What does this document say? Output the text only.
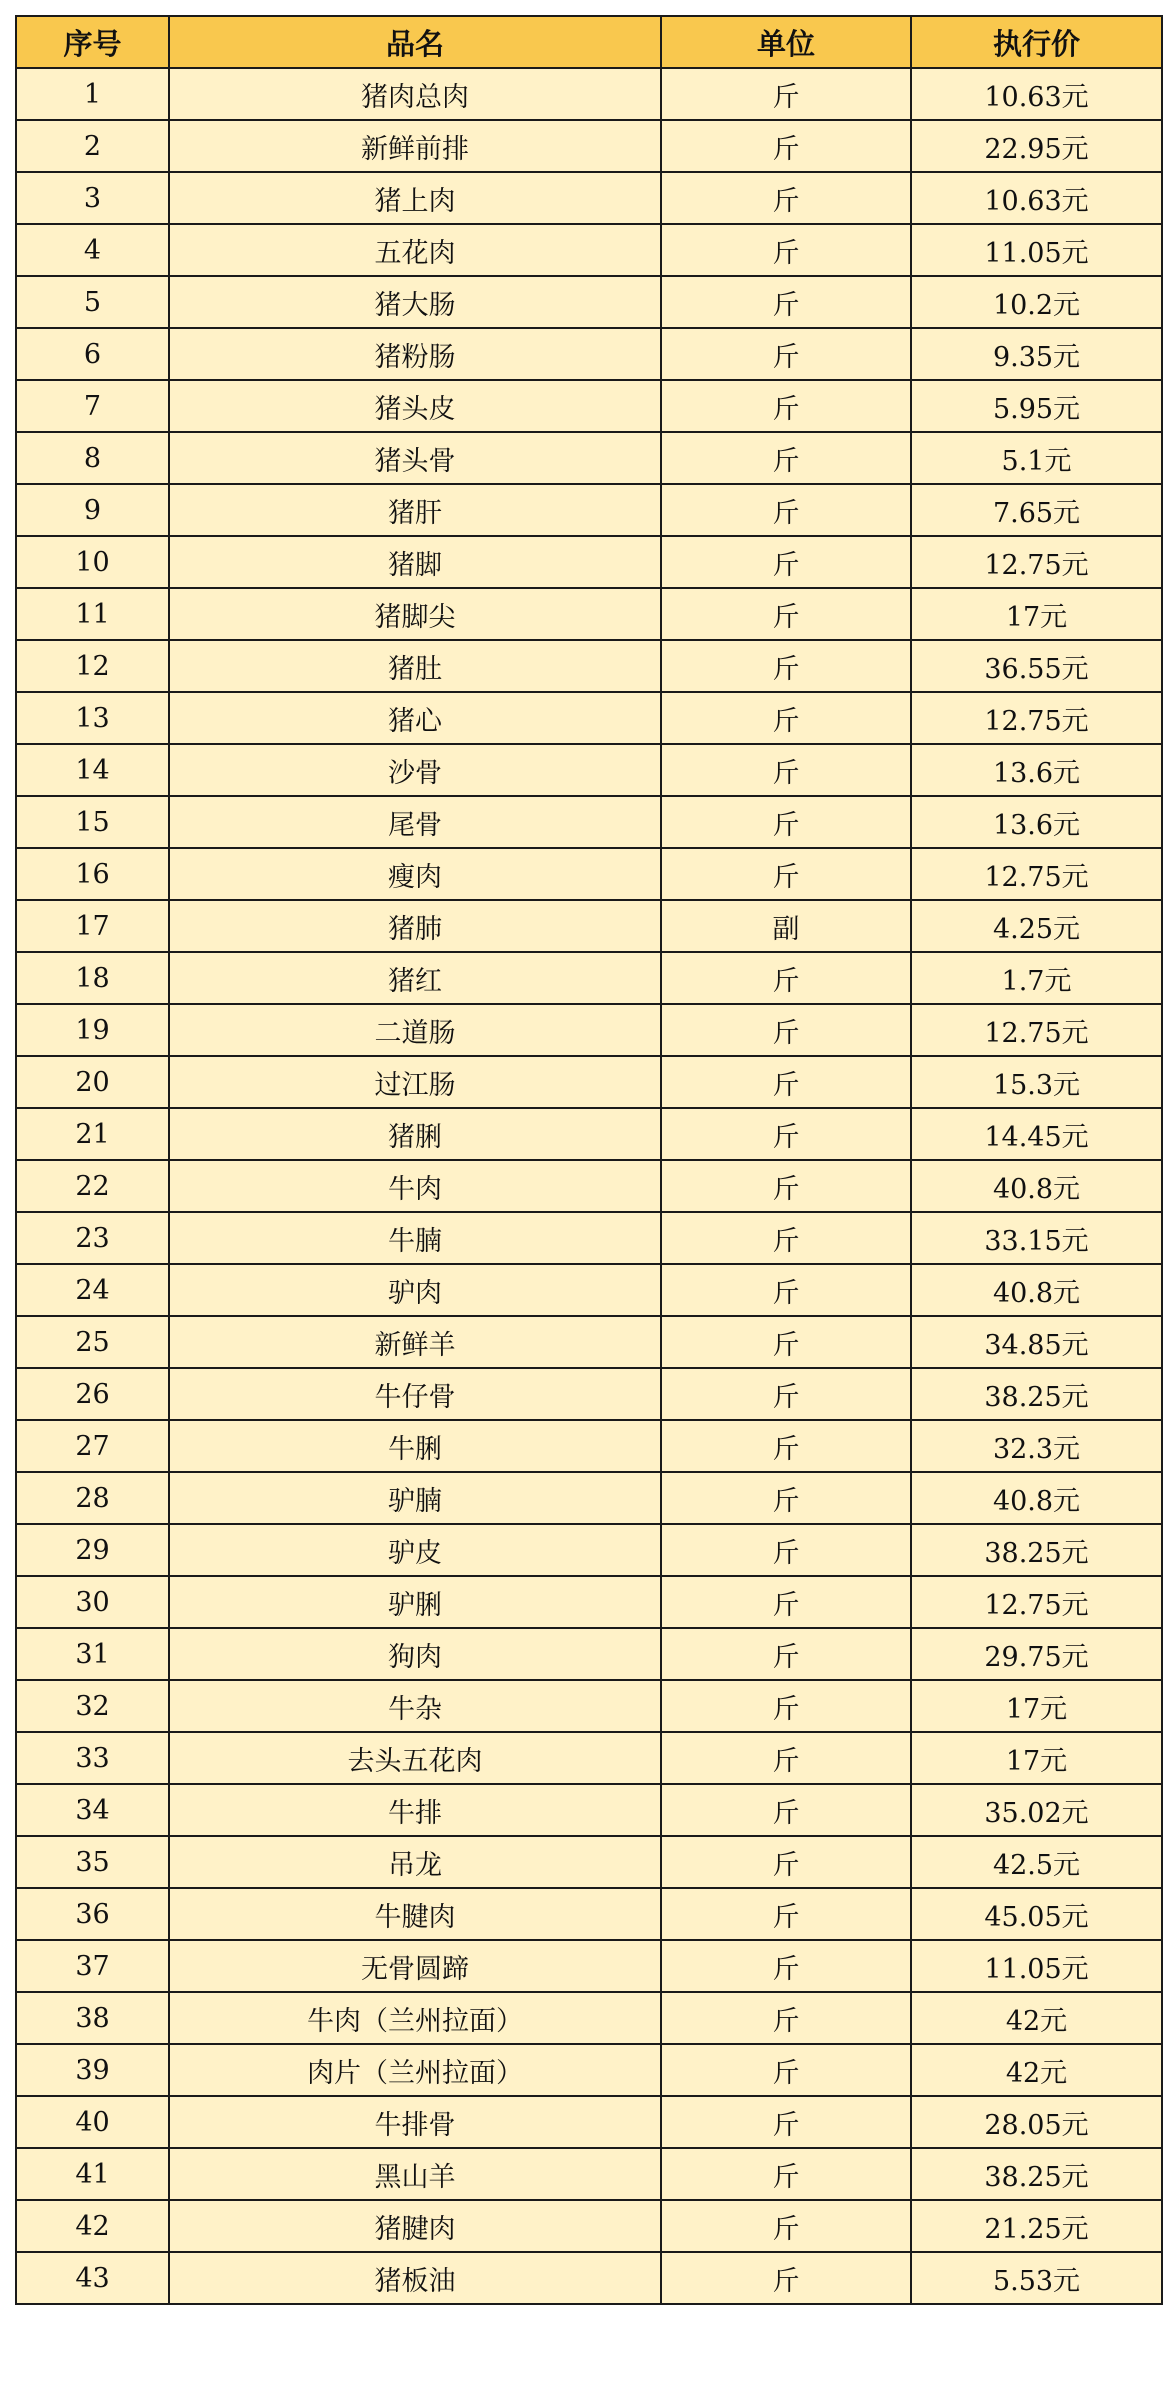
序号	品名	单位	执行价
1	猪肉总肉	斤	10.63元
2	新鲜前排	斤	22.95元
3	猪上肉	斤	10.63元
4	五花肉	斤	11.05元
5	猪大肠	斤	10.2元
6	猪粉肠	斤	9.35元
7	猪头皮	斤	5.95元
8	猪头骨	斤	5.1元
9	猪肝	斤	7.65元
10	猪脚	斤	12.75元
11	猪脚尖	斤	17元
12	猪肚	斤	36.55元
13	猪心	斤	12.75元
14	沙骨	斤	13.6元
15	尾骨	斤	13.6元
16	瘦肉	斤	12.75元
17	猪肺	副	4.25元
18	猪红	斤	1.7元
19	二道肠	斤	12.75元
20	过江肠	斤	15.3元
21	猪脷	斤	14.45元
22	牛肉	斤	40.8元
23	牛腩	斤	33.15元
24	驴肉	斤	40.8元
25	新鲜羊	斤	34.85元
26	牛仔骨	斤	38.25元
27	牛脷	斤	32.3元
28	驴腩	斤	40.8元
29	驴皮	斤	38.25元
30	驴脷	斤	12.75元
31	狗肉	斤	29.75元
32	牛杂	斤	17元
33	去头五花肉	斤	17元
34	牛排	斤	35.02元
35	吊龙	斤	42.5元
36	牛腱肉	斤	45.05元
37	无骨圆蹄	斤	11.05元
38	牛肉（兰州拉面）	斤	42元
39	肉片（兰州拉面）	斤	42元
40	牛排骨	斤	28.05元
41	黑山羊	斤	38.25元
42	猪腱肉	斤	21.25元
43	猪板油	斤	5.53元
